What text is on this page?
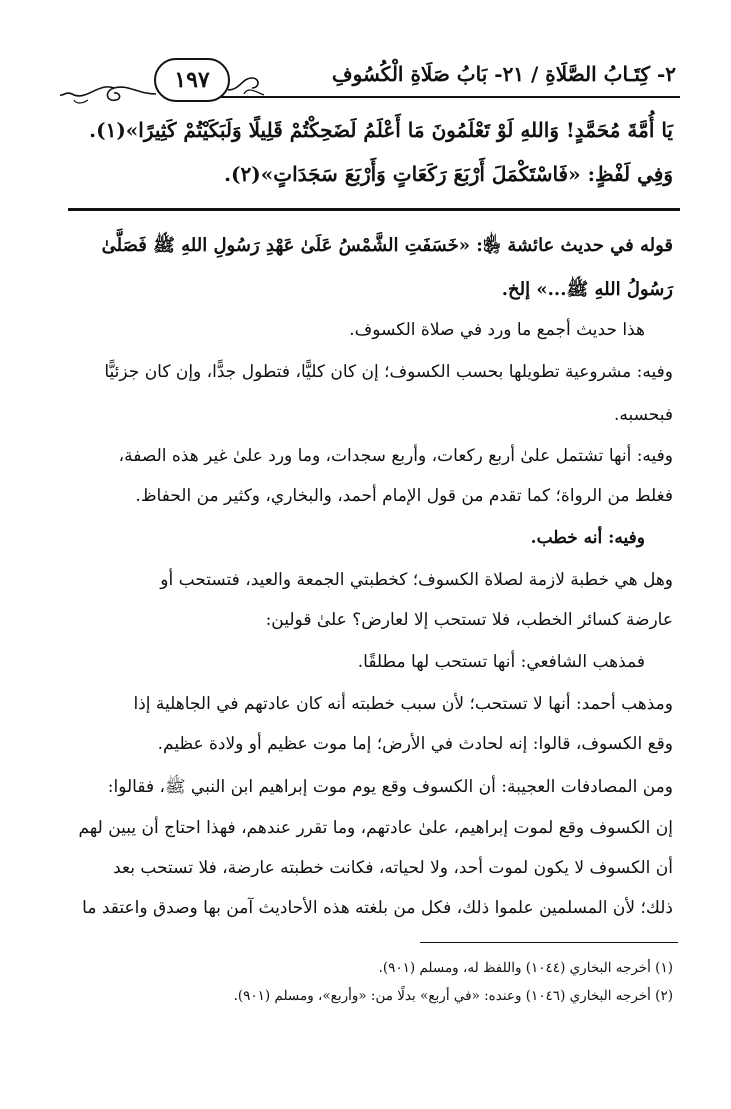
١٩٧	٢- كِتَـابُ الصَّلَاةِ / ٢١- بَابُ صَلَاةِ الْكُسُوفِ
يَا أُمَّةَ مُحَمَّدٍ! وَاللهِ لَوْ تَعْلَمُونَ مَا أَعْلَمُ لَضَحِكْتُمْ قَلِيلًا وَلَبَكَيْتُمْ كَثِيرًا»(١).
وَفِي لَفْظٍ: «فَاسْتَكْمَلَ أَرْبَعَ رَكَعَاتٍ وَأَرْبَعَ سَجَدَاتٍ»(٢).
قوله في حديث عائشة ﵂: «خَسَفَتِ الشَّمْسُ عَلَىٰ عَهْدِ رَسُولِ اللهِ ﷺ فَصَلَّىٰ
رَسُولُ اللهِ ﷺ...» إلخ.
هذا حديث أجمع ما ورد في صلاة الكسوف.
وفيه: مشروعية تطويلها بحسب الكسوف؛ إن كان كليًّا، فتطول جدًّا، وإن كان جزئيًّا
فبحسبه.
وفيه: أنها تشتمل علىٰ أربع ركعات، وأربع سجدات، وما ورد علىٰ غير هذه الصفة،
فغلط من الرواة؛ كما تقدم من قول الإمام أحمد، والبخاري، وكثير من الحفاظ.
وفيه: أنه خطب.
وهل هي خطبة لازمة لصلاة الكسوف؛ كخطبتي الجمعة والعيد، فتستحب أو
عارضة كسائر الخطب، فلا تستحب إلا لعارض؟ علىٰ قولين:
فمذهب الشافعي: أنها تستحب لها مطلقًا.
ومذهب أحمد: أنها لا تستحب؛ لأن سبب خطبته أنه كان عادتهم في الجاهلية إذا
وقع الكسوف، قالوا: إنه لحادث في الأرض؛ إما موت عظيم أو ولادة عظيم.
ومن المصادفات العجيبة: أن الكسوف وقع يوم موت إبراهيم ابن النبي ﷺ، فقالوا:
إن الكسوف وقع لموت إبراهيم، علىٰ عادتهم، وما تقرر عندهم، فهذا احتاج أن يبين لهم
أن الكسوف لا يكون لموت أحد، ولا لحياته، فكانت خطبته عارضة، فلا تستحب بعد
ذلك؛ لأن المسلمين علموا ذلك، فكل من بلغته هذه الأحاديث آمن بها وصدق واعتقد ما
(١) أخرجه البخاري (١٠٤٤) واللفظ له، ومسلم (٩٠١).
(٢) أخرجه البخاري (١٠٤٦) وعنده: «في أربع» بدلًا من: «وأربع»، ومسلم (٩٠١).
